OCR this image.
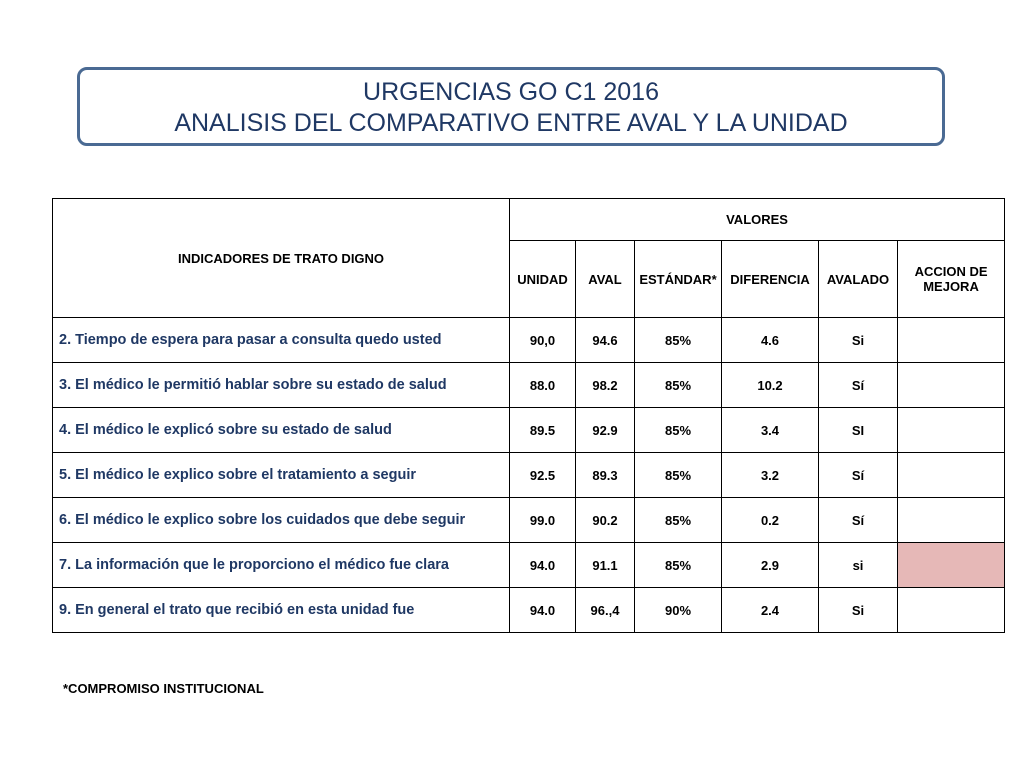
URGENCIAS GO C1 2016
ANALISIS DEL COMPARATIVO ENTRE AVAL Y LA UNIDAD
INDICADORES DE TRATO DIGNO	VALORES					
	UNIDAD	AVAL	ESTÁNDAR*	DIFERENCIA	AVALADO	ACCION DE MEJORA
2. Tiempo de espera para pasar a consulta quedo usted	90,0	94.6	85%	4.6	Si	
3. El médico le permitió hablar sobre su estado de salud	88.0	98.2	85%	10.2	Sí	
4. El médico le explicó sobre su estado de salud	89.5	92.9	85%	3.4	SI	
5. El médico le explico sobre el tratamiento a seguir	92.5	89.3	85%	3.2	Sí	
6. El médico le explico sobre los cuidados que debe seguir	99.0	90.2	85%	0.2	Sí	
7. La información que le proporciono el médico fue clara	94.0	91.1	85%	2.9	si	
9. En general el trato que recibió en esta unidad fue	94.0	96.,4	90%	2.4	Si	
*COMPROMISO INSTITUCIONAL
